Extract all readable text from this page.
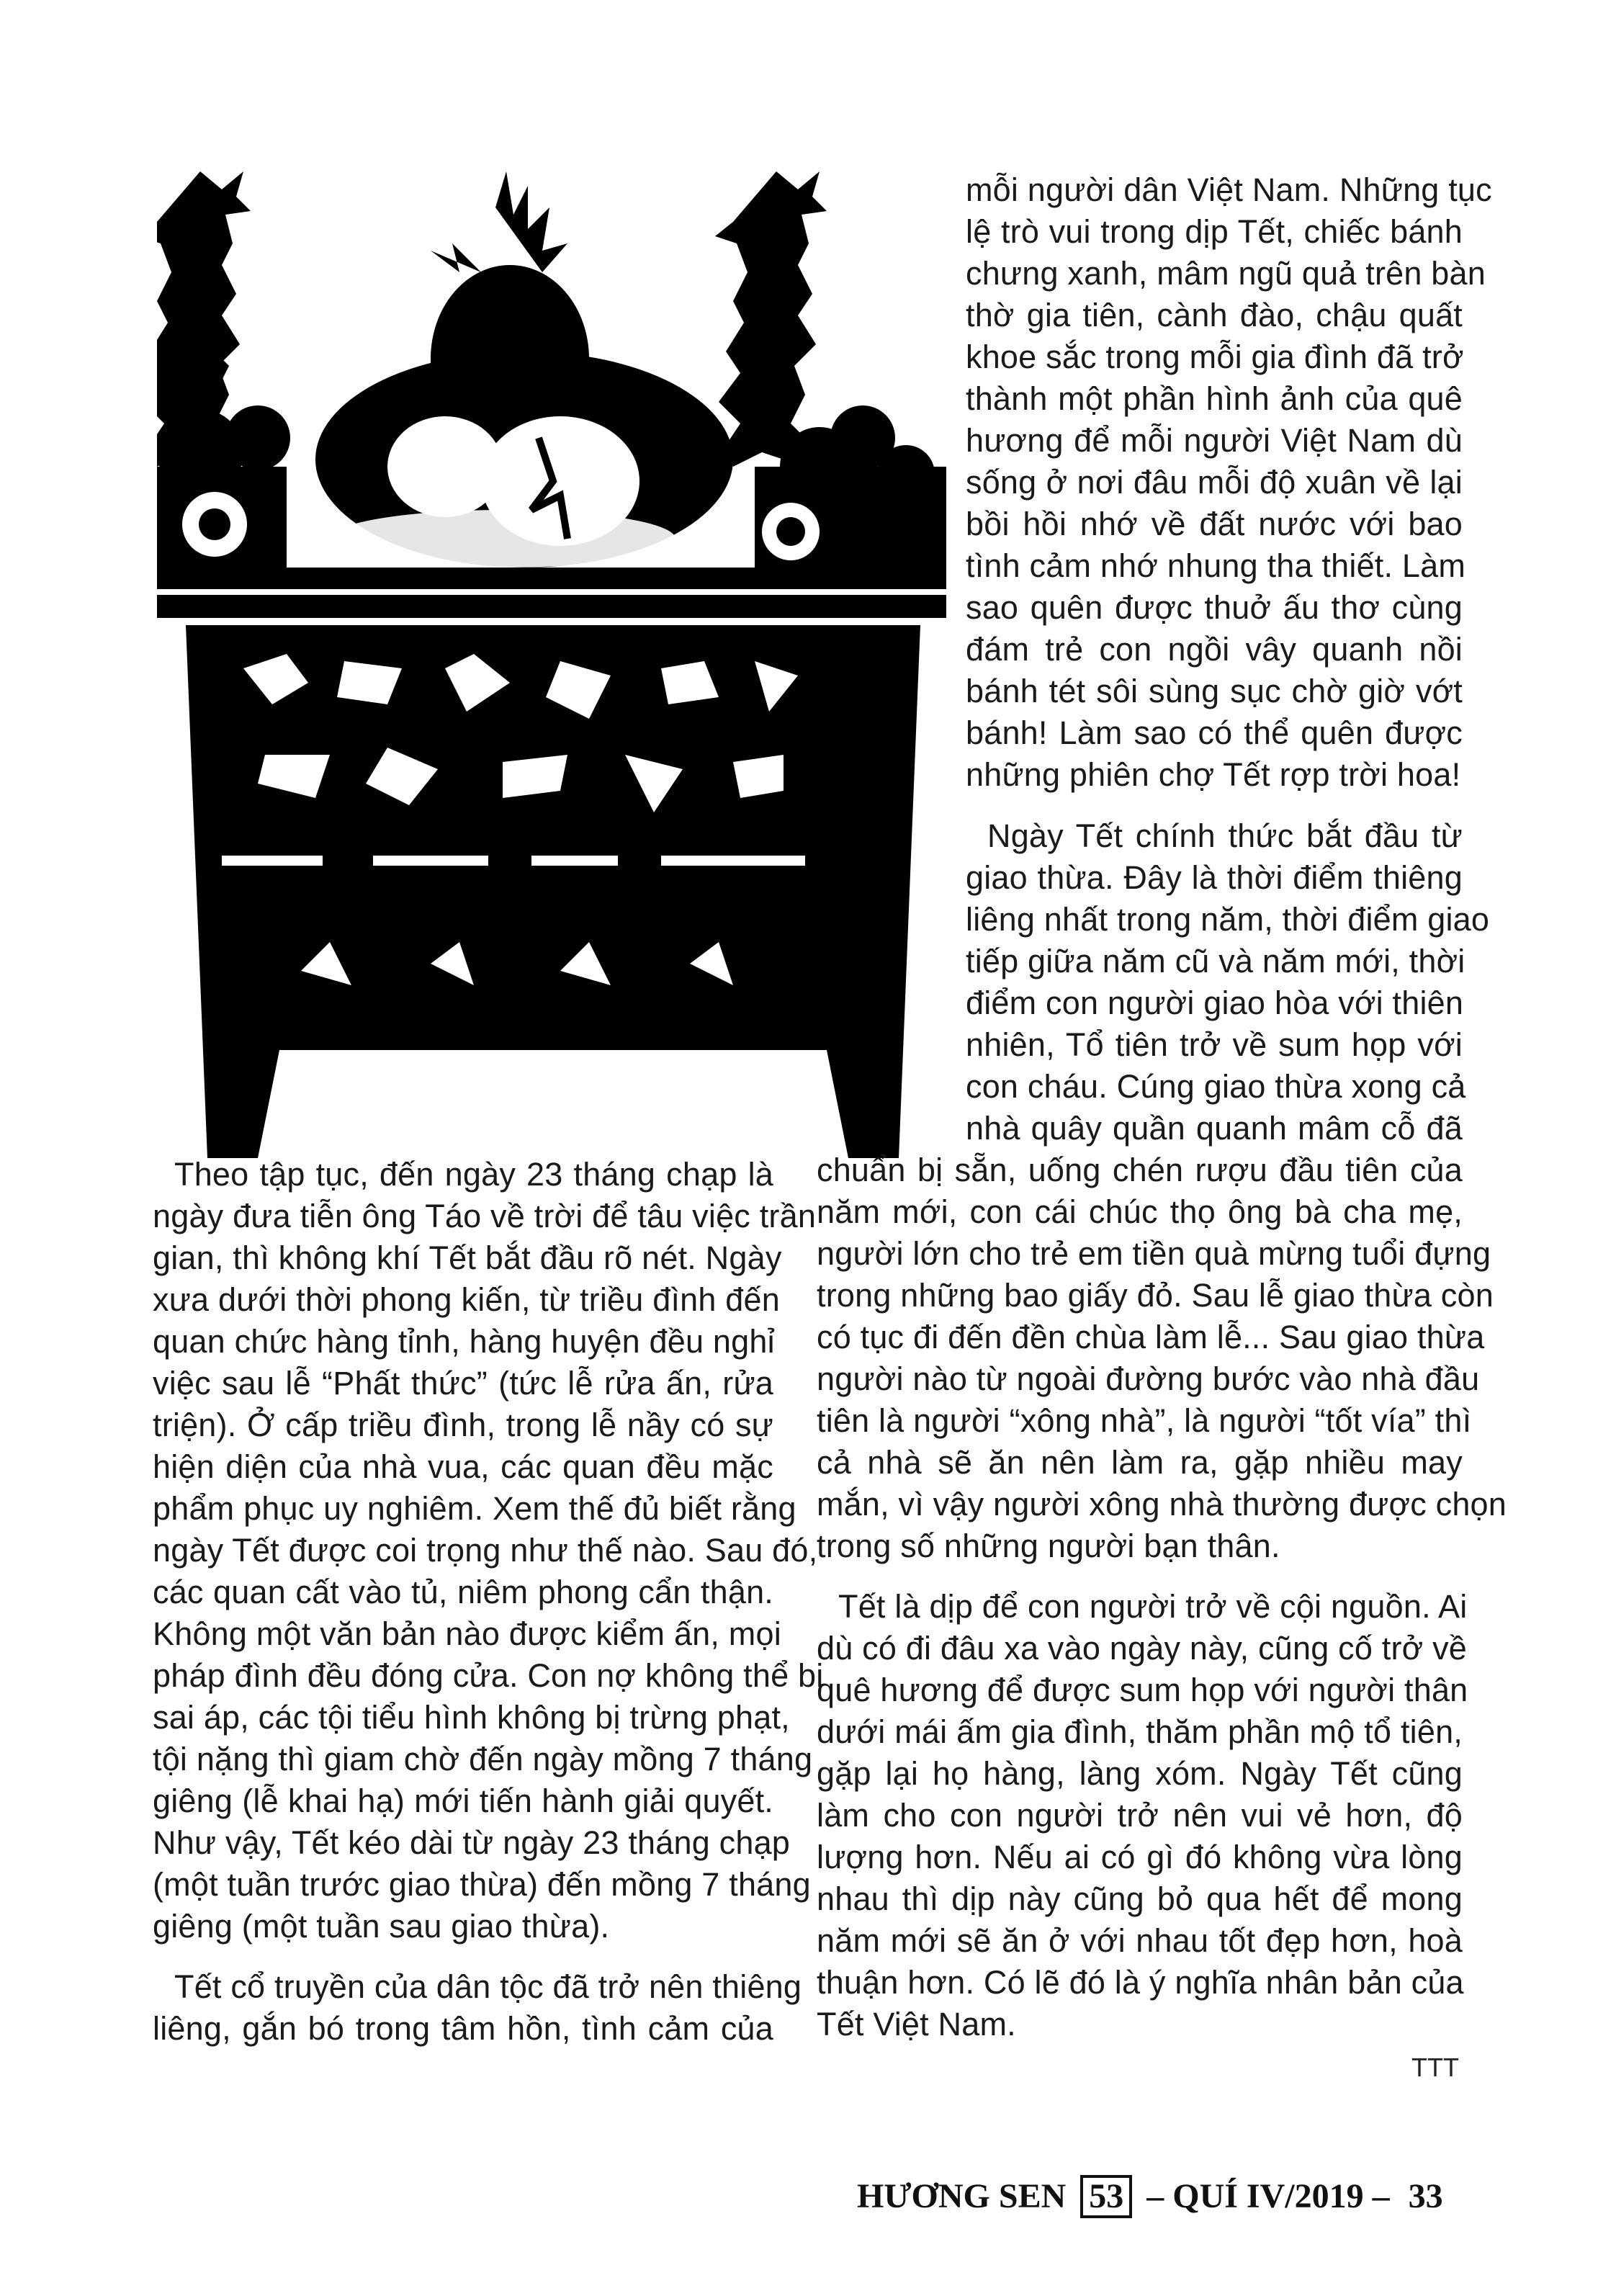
mỗi người dân Việt Nam. Những tục
lệ trò vui trong dịp Tết, chiếc bánh
chưng xanh, mâm ngũ quả trên bàn
thờ gia tiên, cành đào, chậu quất
khoe sắc trong mỗi gia đình đã trở
thành một phần hình ảnh của quê
hương để mỗi người Việt Nam dù
sống ở nơi đâu mỗi độ xuân về lại
bồi hồi nhớ về đất nước với bao
tình cảm nhớ nhung tha thiết. Làm
sao quên được thuở ấu thơ cùng
đám trẻ con ngồi vây quanh nồi
bánh tét sôi sùng sục chờ giờ vớt
bánh! Làm sao có thể quên được
những phiên chợ Tết rợp trời hoa!
Ngày Tết chính thức bắt đầu từ
giao thừa. Đây là thời điểm thiêng
liêng nhất trong năm, thời điểm giao
tiếp giữa năm cũ và năm mới, thời
điểm con người giao hòa với thiên
nhiên, Tổ tiên trở về sum họp với
con cháu. Cúng giao thừa xong cả
nhà quây quần quanh mâm cỗ đã
chuẩn bị sẵn, uống chén rượu đầu tiên của
năm mới, con cái chúc thọ ông bà cha mẹ,
người lớn cho trẻ em tiền quà mừng tuổi đựng
trong những bao giấy đỏ. Sau lễ giao thừa còn
có tục đi đến đền chùa làm lễ... Sau giao thừa
người nào từ ngoài đường bước vào nhà đầu
tiên là người “xông nhà”, là người “tốt vía” thì
cả nhà sẽ ăn nên làm ra, gặp nhiều may
mắn, vì vậy người xông nhà thường được chọn
trong số những người bạn thân.
Tết là dịp để con người trở về cội nguồn. Ai
dù có đi đâu xa vào ngày này, cũng cố trở về
quê hương để được sum họp với người thân
dưới mái ấm gia đình, thăm phần mộ tổ tiên,
gặp lại họ hàng, làng xóm. Ngày Tết cũng
làm cho con người trở nên vui vẻ hơn, độ
lượng hơn. Nếu ai có gì đó không vừa lòng
nhau thì dịp này cũng bỏ qua hết để mong
năm mới sẽ ăn ở với nhau tốt đẹp hơn, hoà
thuận hơn. Có lẽ đó là ý nghĩa nhân bản của
Tết Việt Nam.
Theo tập tục, đến ngày 23 tháng chạp là
ngày đưa tiễn ông Táo về trời để tâu việc trần
gian, thì không khí Tết bắt đầu rõ nét. Ngày
xưa dưới thời phong kiến, từ triều đình đến
quan chức hàng tỉnh, hàng huyện đều nghỉ
việc sau lễ “Phất thức” (tức lễ rửa ấn, rửa
triện). Ở cấp triều đình, trong lễ nầy có sự
hiện diện của nhà vua, các quan đều mặc
phẩm phục uy nghiêm. Xem thế đủ biết rằng
ngày Tết được coi trọng như thế nào. Sau đó,
các quan cất vào tủ, niêm phong cẩn thận.
Không một văn bản nào được kiểm ấn, mọi
pháp đình đều đóng cửa. Con nợ không thể bị
sai áp, các tội tiểu hình không bị trừng phạt,
tội nặng thì giam chờ đến ngày mồng 7 tháng
giêng (lễ khai hạ) mới tiến hành giải quyết.
Như vậy, Tết kéo dài từ ngày 23 tháng chạp
(một tuần trước giao thừa) đến mồng 7 tháng
giêng (một tuần sau giao thừa).
Tết cổ truyền của dân tộc đã trở nên thiêng
liêng, gắn bó trong tâm hồn, tình cảm của
TTT
HƯƠNG SEN 53 – QUÍ IV/2019 – 33
